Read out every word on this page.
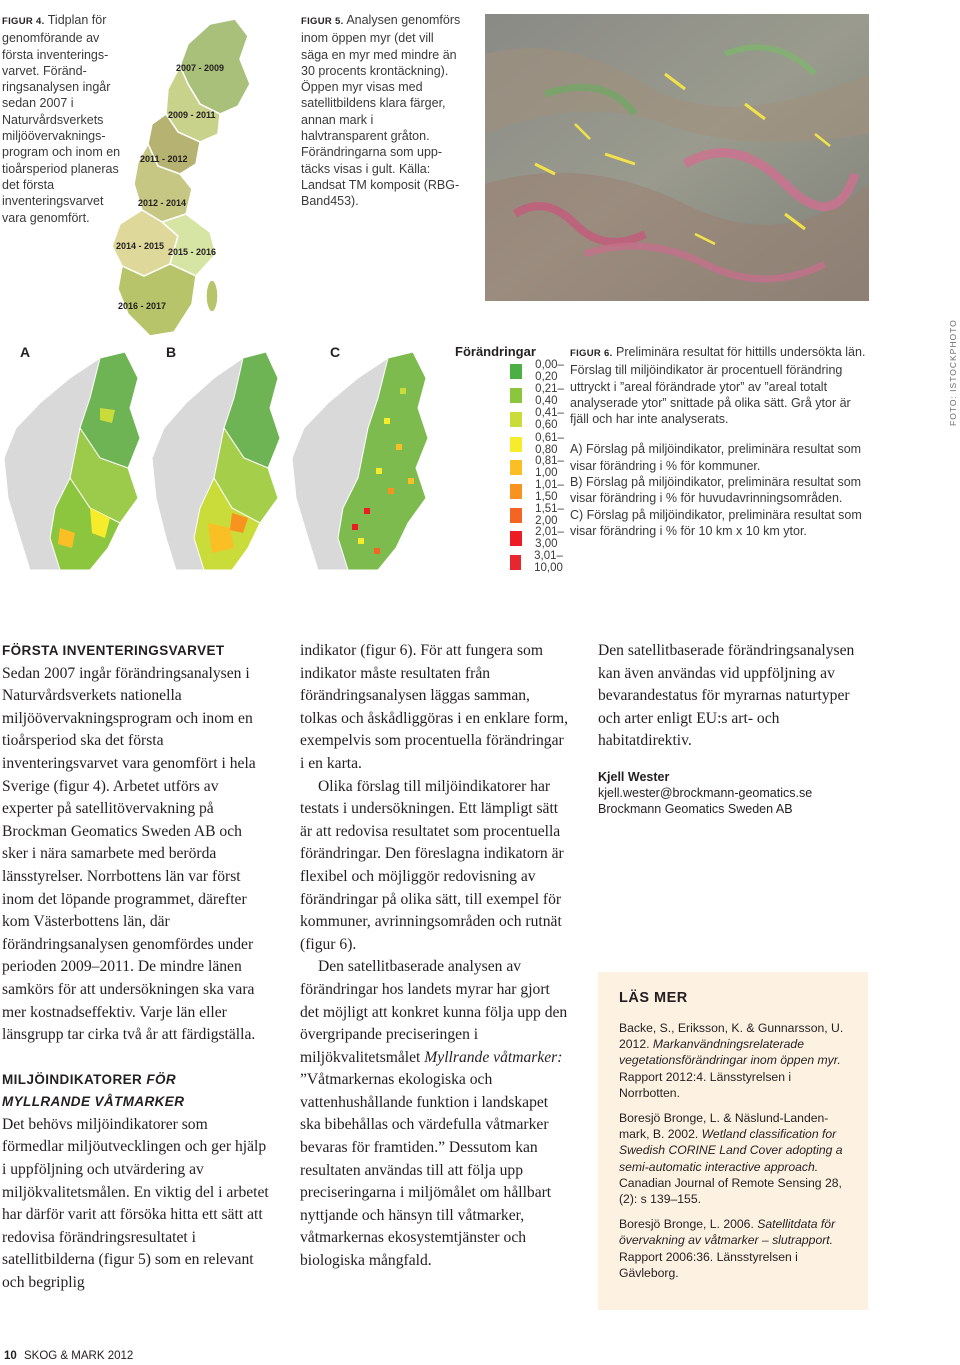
FIGUR 4. Tidplan för genomförande av första inventeringsvarvet. Förändringsanalysen ingår sedan 2007 i Naturvårdsverkets miljöövervakningsprogram och inom en tioårsperiod planeras det första inventeringsvarvet vara genomfört.
2007 - 2009
2009 - 2011
2011 - 2012
2012 - 2014
2014 - 2015
2015 - 2016
2016 - 2017
FIGUR 5. Analysen genomförs inom öppen myr (det vill säga en myr med mindre än 30 procents krontäckning). Öppen myr visas med satellitbildens klara färger, annan mark i halvtransparent gråton. Förändringarna som upptäcks visas i gult. Källa: Landsat TM komposit (RBG-Band453).
A	B	C	Förändringar
0,00–0,20
0,21–0,40
0,41–0,60
0,61–0,80
0,81–1,00
1,01–1,50
1,51–2,00
2,01–3,00
3,01–10,00
FIGUR 6. Preliminära resultat för hittills undersökta län. Förslag till miljöindikator är procentuell förändring uttryckt i ”areal förändrade ytor” av ”areal totalt analyserade ytor” snittade på olika sätt. Grå ytor är fjäll och har inte analyserats.
A) Förslag på miljöindikator, preliminära resultat som visar förändring i % för kommuner.
B) Förslag på miljöindikator, preliminära resultat som visar förändring i % för huvudavrinningsområden.
C) Förslag på miljöindikator, preliminära resultat som visar förändring i % för 10 km x 10 km ytor.
FOTO: ISTOCKPHOTO
FÖRSTA INVENTERINGSVARVET

Sedan 2007 ingår förändringsanalysen i Naturvårdsverkets nationella miljöövervakningsprogram och inom en tioårsperiod ska det första inventeringsvarvet vara genomfört i hela Sverige (figur 4). Arbetet utförs av experter på satellitövervakning på Brockman Geomatics Sweden AB och sker i nära samarbete med berörda länsstyrelser. Norrbottens län var först inom det löpande programmet, därefter kom Västerbottens län, där förändringsanalysen genomfördes under perioden 2009–2011. De mindre länen samkörs för att undersökningen ska vara mer kostnadseffektiv. Varje län eller länsgrupp tar cirka två år att färdigställa.

MILJÖINDIKATORER FÖR
MYLLRANDE VÅTMARKER

Det behövs miljöindikatorer som förmedlar miljöutvecklingen och ger hjälp i uppföljning och utvärdering av miljökvalitetsmålen. En viktig del i arbetet har därför varit att försöka hitta ett sätt att redovisa förändringsresultatet i satellitbilderna (figur 5) som en relevant och begriplig

indikator (figur 6). För att fungera som indikator måste resultaten från förändringsanalysen läggas samman, tolkas och åskådliggöras i en enklare form, exempelvis som procentuella förändringar i en karta.

Olika förslag till miljöindikatorer har testats i undersökningen. Ett lämpligt sätt är att redovisa resultatet som procentuella förändringar. Den föreslagna indikatorn är flexibel och möjliggör redovisning av förändringar på olika sätt, till exempel för kommuner, avrinningsområden och rutnät (figur 6).

Den satellitbaserade analysen av förändringar hos landets myrar har gjort det möjligt att konkret kunna följa upp den övergripande preciseringen i miljökvalitetsmålet Myllrande våtmarker: ”Våtmarkernas ekologiska och vattenhushållande funktion i landskapet ska bibehållas och värdefulla våtmarker bevaras för framtiden.” Dessutom kan resultaten användas till att följa upp preciseringarna i miljömålet om hållbart nyttjande och hänsyn till våtmarker, våtmarkernas ekosystemtjänster och biologiska mångfald.

Den satellitbaserade förändringsanalysen kan även användas vid uppföljning av bevarandestatus för myrarnas naturtyper och arter enligt EU:s art- och habitatdirektiv.

Kjell Wester
kjell.wester@brockmann-geomatics.se
Brockmann Geomatics Sweden AB
LÄS MER
Backe, S., Eriksson, K. & Gunnarsson, U. 2012. Markanvändningsrelaterade vegetationsförändringar inom öppen myr. Rapport 2012:4. Länsstyrelsen i Norrbotten.
Boresjö Bronge, L. & Näslund-Landenmark, B. 2002. Wetland classification for Swedish CORINE Land Cover adopting a semi-automatic interactive approach. Canadian Journal of Remote Sensing 28, (2): s 139–155.
Boresjö Bronge, L. 2006. Satellitdata för övervakning av våtmarker – slutrapport. Rapport 2006:36. Länsstyrelsen i Gävleborg.
10 SKOG & MARK 2012
